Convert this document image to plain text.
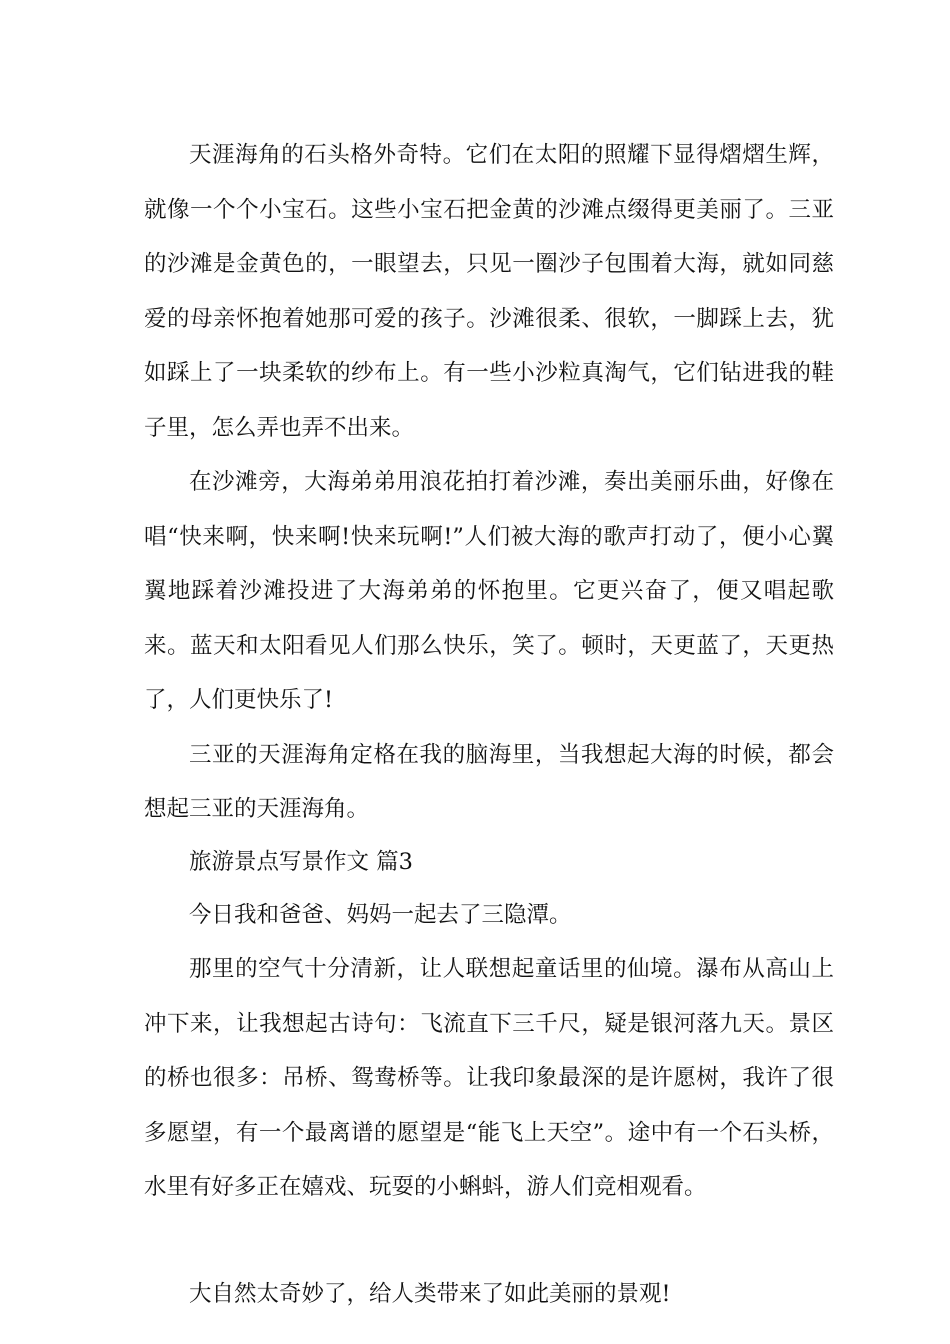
天涯海角的石头格外奇特。它们在太阳的照耀下显得熠熠生辉，就像一个个小宝石。这些小宝石把金黄的沙滩点缀得更美丽了。三亚的沙滩是金黄色的，一眼望去，只见一圈沙子包围着大海，就如同慈爱的母亲怀抱着她那可爱的孩子。沙滩很柔、很软，一脚踩上去，犹如踩上了一块柔软的纱布上。有一些小沙粒真淘气，它们钻进我的鞋子里，怎么弄也弄不出来。

在沙滩旁，大海弟弟用浪花拍打着沙滩，奏出美丽乐曲，好像在唱“快来啊，快来啊!快来玩啊!”人们被大海的歌声打动了，便小心翼翼地踩着沙滩投进了大海弟弟的怀抱里。它更兴奋了，便又唱起歌来。蓝天和太阳看见人们那么快乐，笑了。顿时，天更蓝了，天更热了，人们更快乐了!

三亚的天涯海角定格在我的脑海里，当我想起大海的时候，都会想起三亚的天涯海角。

旅游景点写景作文 篇3

今日我和爸爸、妈妈一起去了三隐潭。

那里的空气十分清新，让人联想起童话里的仙境。瀑布从高山上冲下来，让我想起古诗句：飞流直下三千尺，疑是银河落九天。景区的桥也很多：吊桥、鸳鸯桥等。让我印象最深的是许愿树，我许了很多愿望，有一个最离谱的愿望是“能飞上天空”。途中有一个石头桥，水里有好多正在嬉戏、玩耍的小蝌蚪，游人们竞相观看。

大自然太奇妙了，给人类带来了如此美丽的景观!
